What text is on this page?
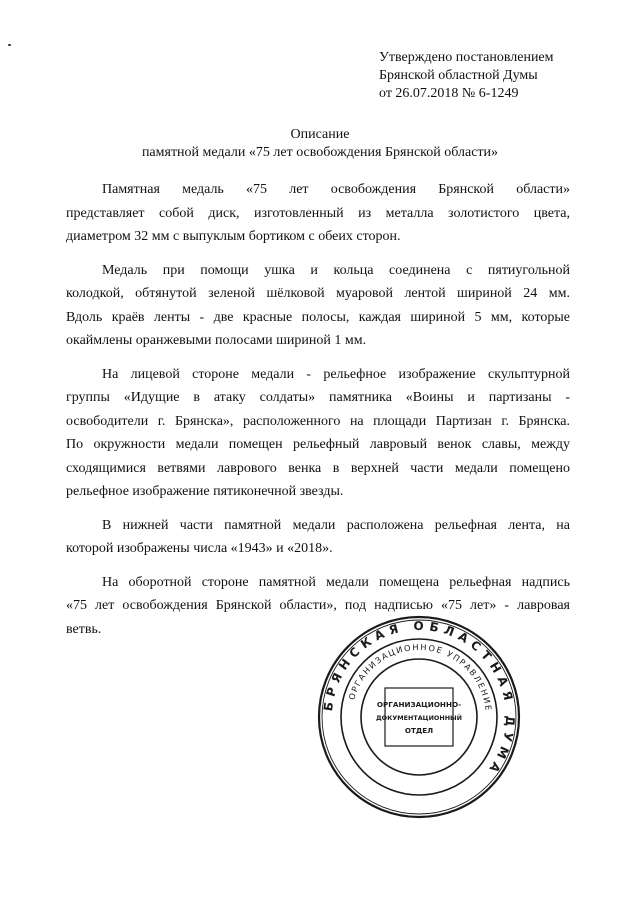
Утверждено постановлением
Брянской областной Думы
от 26.07.2018 № 6-1249
Описание
памятной медали «75 лет освобождения Брянской области»
Памятная медаль «75 лет освобождения Брянской области»
представляет собой диск, изготовленный из металла золотистого цвета,
диаметром 32 мм с выпуклым бортиком с обеих сторон.
Медаль при помощи ушка и кольца соединена с пятиугольной
колодкой, обтянутой зеленой шёлковой муаровой лентой шириной 24 мм.
Вдоль краёв ленты - две красные полосы, каждая шириной 5 мм, которые
окаймлены оранжевыми полосами шириной 1 мм.
На лицевой стороне медали - рельефное изображение скульптурной
группы «Идущие в атаку солдаты» памятника «Воины и партизаны -
освободители г. Брянска», расположенного на площади Партизан г. Брянска.
По окружности медали помещен рельефный лавровый венок славы, между
сходящимися ветвями лаврового венка в верхней части медали помещено
рельефное изображение пятиконечной звезды.
В нижней части памятной медали расположена рельефная лента, на
которой изображены числа «1943» и «2018».
На оборотной стороне памятной медали помещена рельефная надпись
«75 лет освобождения Брянской области», под надписью «75 лет» - лавровая
ветвь.
БРЯНСКАЯ ОБЛАСТНАЯ ДУМА
ОРГАНИЗАЦИОННОЕ УПРАВЛЕНИЕ
ОРГАНИЗАЦИОННО-
ДОКУМЕНТАЦИОННЫЙ
ОТДЕЛ
